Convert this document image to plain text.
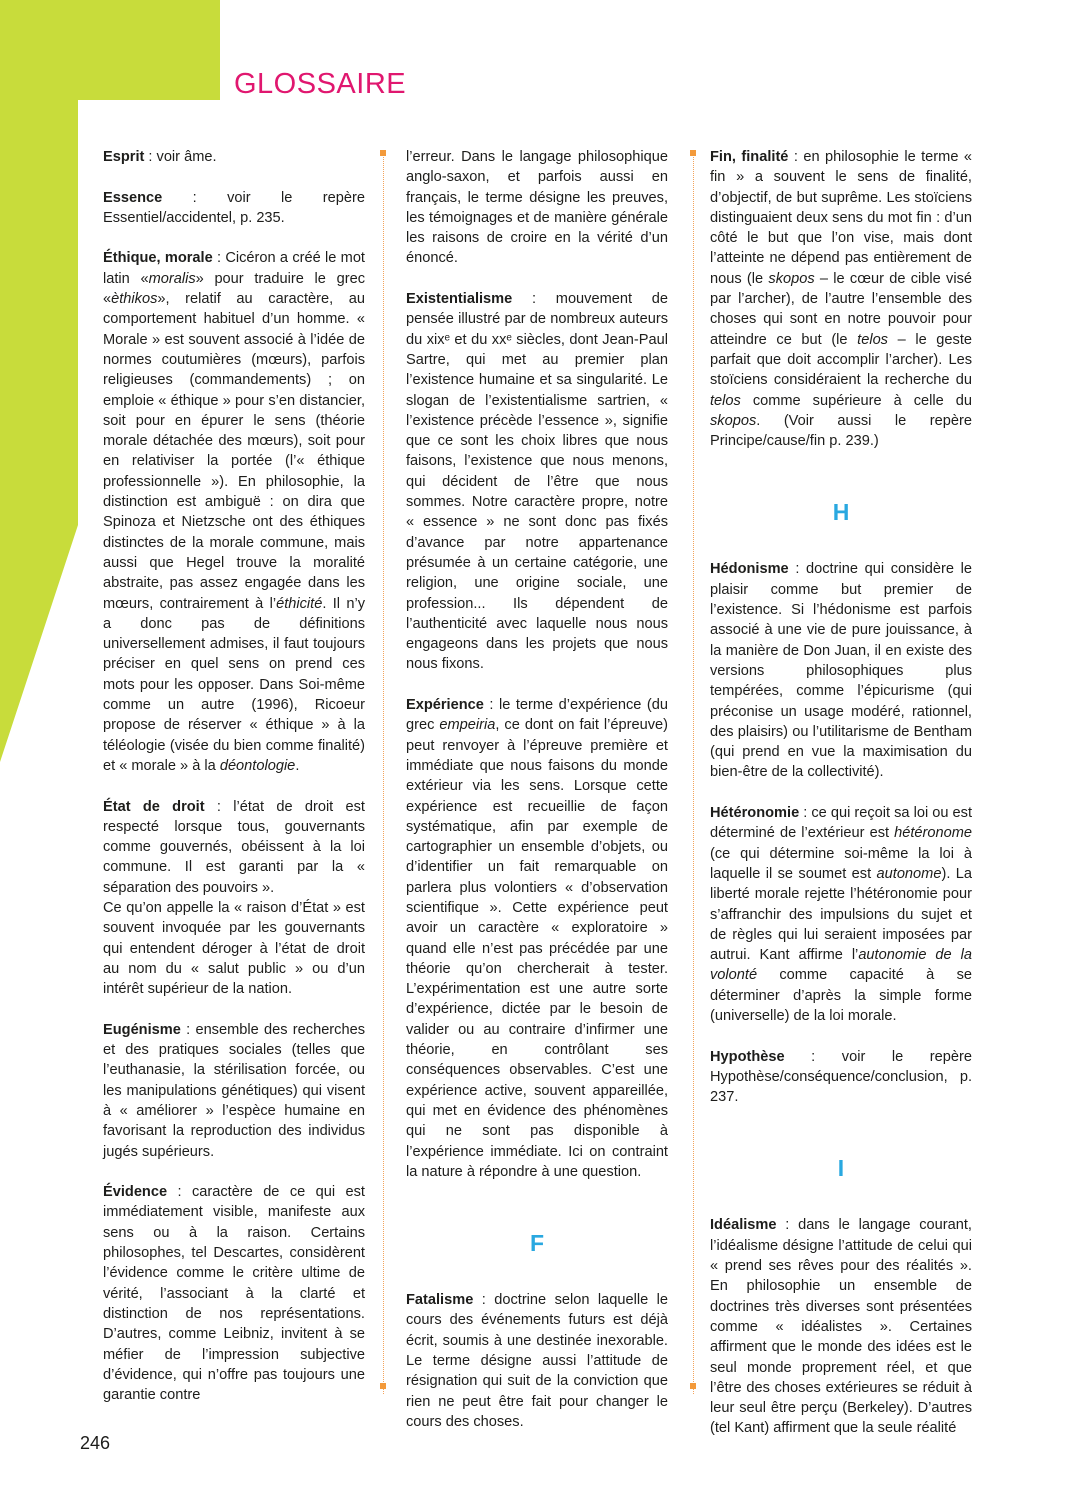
GLOSSAIRE

Esprit : voir âme.

Essence : voir le repère Essentiel/accidentel, p. 235.

Éthique, morale : Cicéron a créé le mot latin «moralis» pour traduire le grec «èthikos», relatif au caractère, au comportement habituel d’un homme. « Morale » est souvent associé à l’idée de normes coutumières (mœurs), parfois religieuses (commandements) ; on emploie « éthique » pour s’en distancier, soit pour en épurer le sens (théorie morale détachée des mœurs), soit pour en relativiser la portée (l’« éthique professionnelle »). En philosophie, la distinction est ambiguë : on dira que Spinoza et Nietzsche ont des éthiques distinctes de la morale commune, mais aussi que Hegel trouve la moralité abstraite, pas assez engagée dans les mœurs, contrairement à l’éthicité. Il n’y a donc pas de définitions universellement admises, il faut toujours préciser en quel sens on prend ces mots pour les opposer. Dans Soi-même comme un autre (1996), Ricoeur propose de réserver « éthique » à la téléologie (visée du bien comme finalité) et « morale » à la déontologie.

État de droit : l’état de droit est respecté lorsque tous, gouvernants comme gouvernés, obéissent à la loi commune. Il est garanti par la « séparation des pouvoirs ».

Ce qu’on appelle la « raison d’État » est souvent invoquée par les gouvernants qui entendent déroger à l’état de droit au nom du « salut public » ou d’un intérêt supérieur de la nation.

Eugénisme : ensemble des recherches et des pratiques sociales (telles que l’euthanasie, la stérilisation forcée, ou les manipulations génétiques) qui visent à « améliorer » l’espèce humaine en favorisant la reproduction des individus jugés supérieurs.

Évidence : caractère de ce qui est immédiatement visible, manifeste aux sens ou à la raison. Certains philosophes, tel Descartes, considèrent l’évidence comme le critère ultime de vérité, l’associant à la clarté et distinction de nos représentations. D’autres, comme Leibniz, invitent à se méfier de l’impression subjective d’évidence, qui n’offre pas toujours une garantie contre

l’erreur. Dans le langage philosophique anglo-saxon, et parfois aussi en français, le terme désigne les preuves, les témoignages et de manière générale les raisons de croire en la vérité d’un énoncé.

Existentialisme : mouvement de pensée illustré par de nombreux auteurs du xixᵉ et du xxᵉ siècles, dont Jean-Paul Sartre, qui met au premier plan l’existence humaine et sa singularité. Le slogan de l’existentialisme sartrien, « l’existence précède l’essence », signifie que ce sont les choix libres que nous faisons, l’existence que nous menons, qui décident de l’être que nous sommes. Notre caractère propre, notre « essence » ne sont donc pas fixés d’avance par notre appartenance présumée à un certaine catégorie, une religion, une origine sociale, une profession... Ils dépendent de l’authenticité avec laquelle nous nous engageons dans les projets que nous nous fixons.

Expérience : le terme d’expérience (du grec empeiria, ce dont on fait l’épreuve) peut renvoyer à l’épreuve première et immédiate que nous faisons du monde extérieur via les sens. Lorsque cette expérience est recueillie de façon systématique, afin par exemple de cartographier un ensemble d’objets, ou d’identifier un fait remarquable on parlera plus volontiers « d’observation scientifique ». Cette expérience peut avoir un caractère « exploratoire » quand elle n’est pas précédée par une théorie qu’on chercherait à tester. L’expérimentation est une autre sorte d’expérience, dictée par le besoin de valider ou au contraire d’infirmer une théorie, en contrôlant ses conséquences observables. C’est une expérience active, souvent appareillée, qui met en évidence des phénomènes qui ne sont pas disponible à l’expérience immédiate. Ici on contraint la nature à répondre à une question.

F

Fatalisme : doctrine selon laquelle le cours des événements futurs est déjà écrit, soumis à une destinée inexorable. Le terme désigne aussi l’attitude de résignation qui suit de la conviction que rien ne peut être fait pour changer le cours des choses.

Fin, finalité : en philosophie le terme « fin » a souvent le sens de finalité, d’objectif, de but suprême. Les stoïciens distinguaient deux sens du mot fin : d’un côté le but que l’on vise, mais dont l’atteinte ne dépend pas entièrement de nous (le skopos – le cœur de cible visé par l’archer), de l’autre l’ensemble des choses qui sont en notre pouvoir pour atteindre ce but (le telos – le geste parfait que doit accomplir l’archer). Les stoïciens considéraient la recherche du telos comme supérieure à celle du skopos. (Voir aussi le repère Principe/cause/fin p. 239.)

H

Hédonisme : doctrine qui considère le plaisir comme but premier de l’existence. Si l’hédonisme est parfois associé à une vie de pure jouissance, à la manière de Don Juan, il en existe des versions philosophiques plus tempérées, comme l’épicurisme (qui préconise un usage modéré, rationnel, des plaisirs) ou l’utilitarisme de Bentham (qui prend en vue la maximisation du bien-être de la collectivité).

Hétéronomie : ce qui reçoit sa loi ou est déterminé de l’extérieur est hétéronome (ce qui détermine soi-même la loi à laquelle il se soumet est autonome). La liberté morale rejette l’hétéronomie pour s’affranchir des impulsions du sujet et de règles qui lui seraient imposées par autrui. Kant affirme l’autonomie de la volonté comme capacité à se déterminer d’après la simple forme (universelle) de la loi morale.

Hypothèse : voir le repère Hypothèse/conséquence/conclusion, p. 237.

I

Idéalisme : dans le langage courant, l’idéalisme désigne l’attitude de celui qui « prend ses rêves pour des réalités ». En philosophie un ensemble de doctrines très diverses sont présentées comme « idéalistes ». Certaines affirment que le monde des idées est le seul monde proprement réel, et que l’être des choses extérieures se réduit à leur seul être perçu (Berkeley). D’autres (tel Kant) affirment que la seule réalité

246
